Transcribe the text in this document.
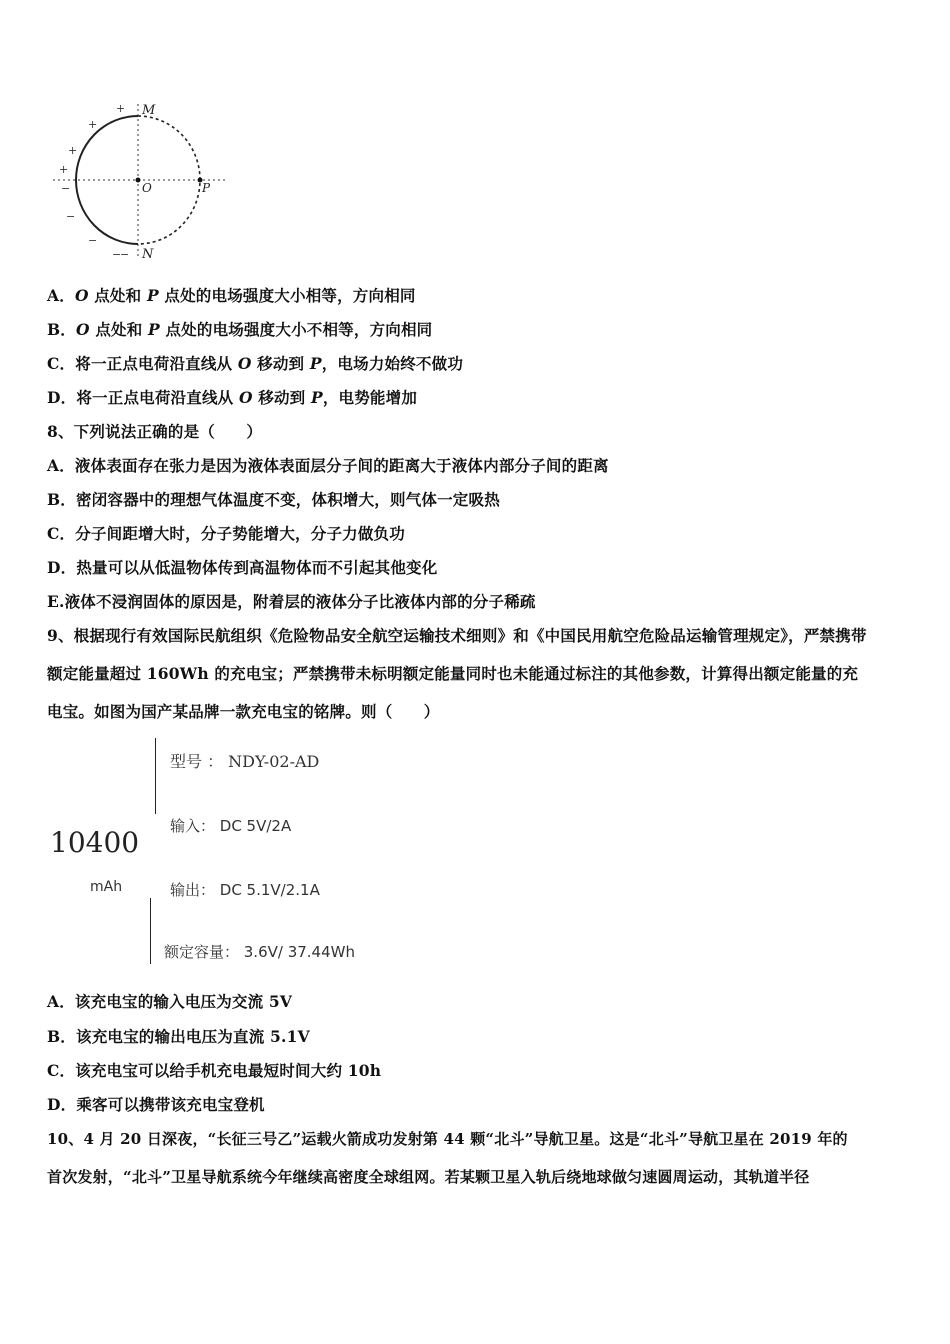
M
O	P
N
+
+
+
+
−
−
−
−
−
A．O 点处和 P 点处的电场强度大小相等，方向相同
B．O 点处和 P 点处的电场强度大小不相等，方向相同
C．将一正点电荷沿直线从 O 移动到 P，电场力始终不做功
D．将一正点电荷沿直线从 O 移动到 P，电势能增加
8、下列说法正确的是（　　）
A．液体表面存在张力是因为液体表面层分子间的距离大于液体内部分子间的距离
B．密闭容器中的理想气体温度不变，体积增大，则气体一定吸热
C．分子间距增大时，分子势能增大，分子力做负功
D．热量可以从低温物体传到高温物体而不引起其他变化
E.液体不浸润固体的原因是，附着层的液体分子比液体内部的分子稀疏
9、根据现行有效国际民航组织《危险物品安全航空运输技术细则》和《中国民用航空危险品运输管理规定》，严禁携带
额定能量超过 160Wh 的充电宝；严禁携带未标明额定能量同时也未能通过标注的其他参数，计算得出额定能量的充
电宝。如图为国产某品牌一款充电宝的铭牌。则（　　）
10400
mAh
型号 ： NDY-02-AD
输入： DC 5V/2A
输出： DC 5.1V/2.1A
额定容量： 3.6V/ 37.44Wh
A．该充电宝的输入电压为交流 5V
B．该充电宝的输出电压为直流 5.1V
C．该充电宝可以给手机充电最短时间大约 10h
D．乘客可以携带该充电宝登机
10、4 月 20 日深夜，“长征三号乙”运载火箭成功发射第 44 颗“北斗”导航卫星。这是“北斗”导航卫星在 2019 年的
首次发射，“北斗”卫星导航系统今年继续高密度全球组网。若某颗卫星入轨后绕地球做匀速圆周运动，其轨道半径
